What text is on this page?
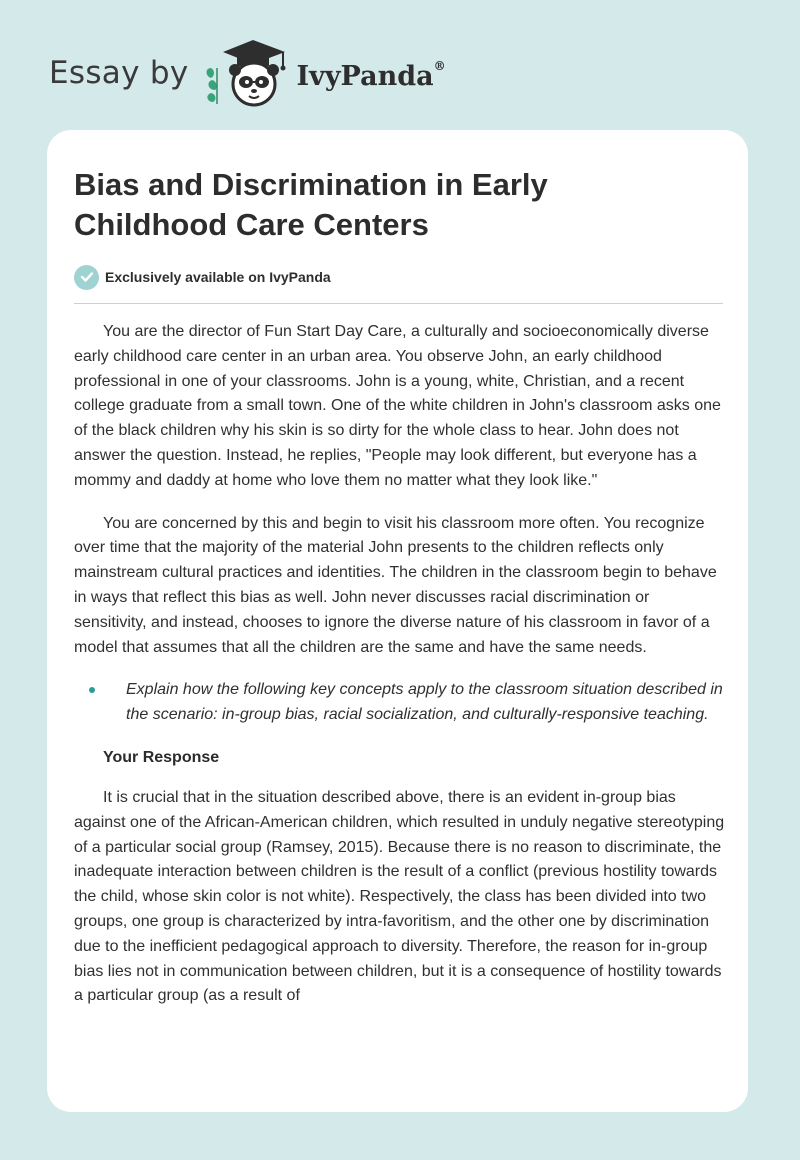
Essay by	IvyPanda®
Bias and Discrimination in Early Childhood Care Centers
Exclusively available on IvyPanda

You are the director of Fun Start Day Care, a culturally and socioeconomically diverse early childhood care center in an urban area. You observe John, an early childhood professional in one of your classrooms. John is a young, white, Christian, and a recent college graduate from a small town. One of the white children in John's classroom asks one of the black children why his skin is so dirty for the whole class to hear. John does not answer the question. Instead, he replies, "People may look different, but everyone has a mommy and daddy at home who love them no matter what they look like."

You are concerned by this and begin to visit his classroom more often. You recognize over time that the majority of the material John presents to the children reflects only mainstream cultural practices and identities. The children in the classroom begin to behave in ways that reflect this bias as well. John never discusses racial discrimination or sensitivity, and instead, chooses to ignore the diverse nature of his classroom in favor of a model that assumes that all the children are the same and have the same needs.

Explain how the following key concepts apply to the classroom situation described in the scenario: in-group bias, racial socialization, and culturally-responsive teaching.
Your Response

It is crucial that in the situation described above, there is an evident in-group bias against one of the African-American children, which resulted in unduly negative stereotyping of a particular social group (Ramsey, 2015). Because there is no reason to discriminate, the inadequate interaction between children is the result of a conflict (previous hostility towards the child, whose skin color is not white). Respectively, the class has been divided into two groups, one group is characterized by intra-favoritism, and the other one by discrimination due to the inefficient pedagogical approach to diversity. Therefore, the reason for in-group bias lies not in communication between children, but it is a consequence of hostility towards a particular group (as a result of
